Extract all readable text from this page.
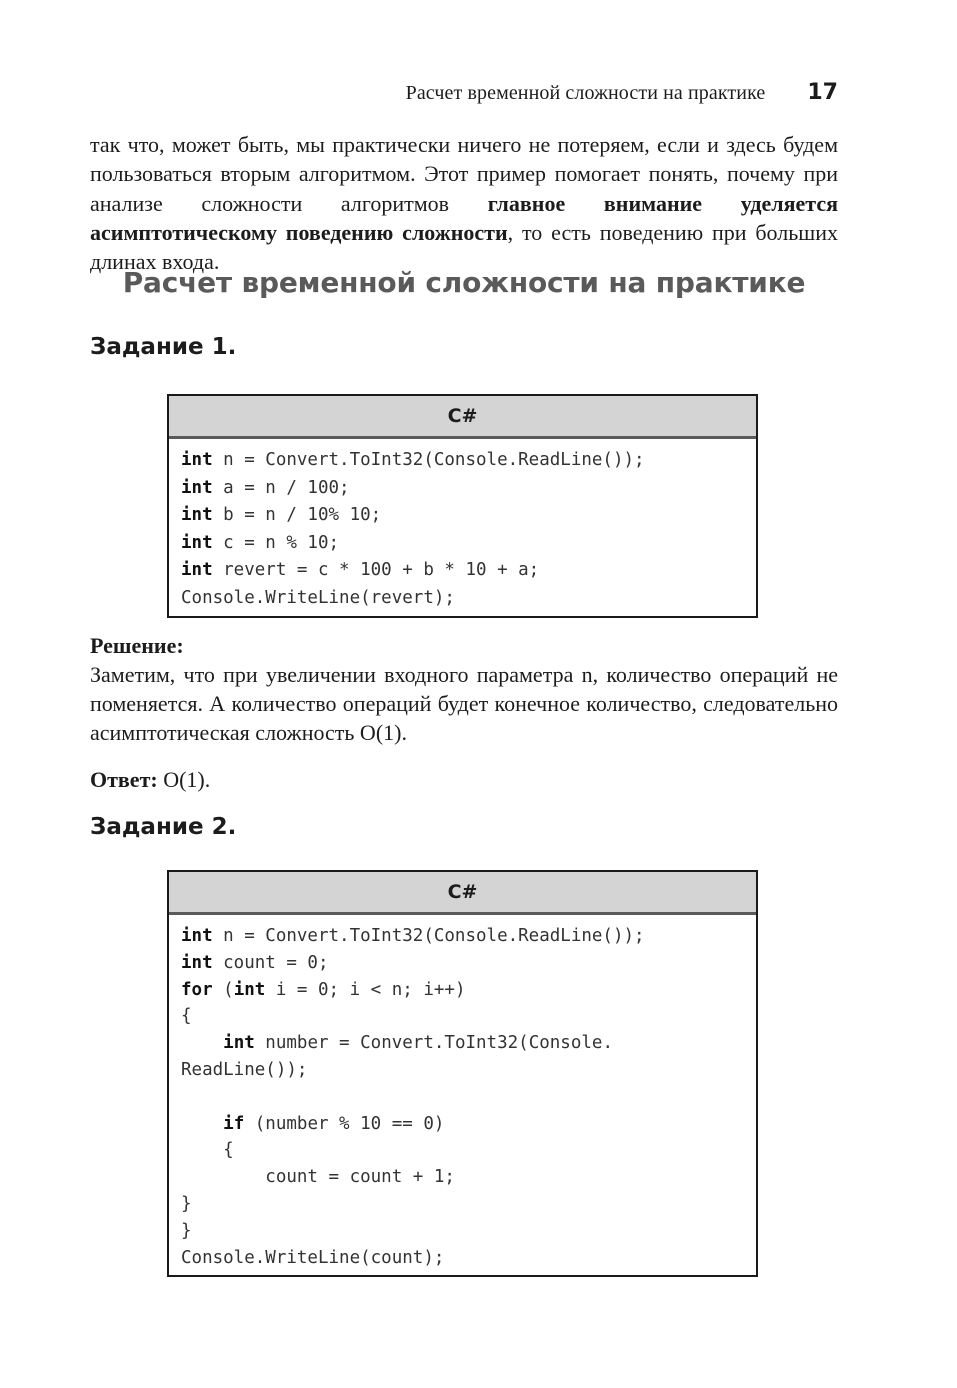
Расчет временной сложности на практике 17

так что, может быть, мы практически ничего не потеряем, если и здесь будем пользоваться вторым алгоритмом. Этот пример помогает понять, почему при анализе сложности алгоритмов главное внимание уделяется асимптотическому поведению сложности, то есть поведению при больших длинах входа.

Расчет временной сложности на практике
Задание 1.
C#
int n = Convert.ToInt32(Console.ReadLine());
int a = n / 100;
int b = n / 10% 10;
int c = n % 10;
int revert = c * 100 + b * 10 + a;
Console.WriteLine(revert);

Решение:

Заметим, что при увеличении входного параметра n, количество операций не поменяется. А количество операций будет конечное количество, следовательно асимптотическая сложность O(1).

Ответ: O(1).

Задание 2.
C#
int n = Convert.ToInt32(Console.ReadLine());
int count = 0;
for (int i = 0; i < n; i++)
{
int number = Convert.ToInt32(Console.
ReadLine());
if (number % 10 == 0)
{
count = count + 1;
}
}
Console.WriteLine(count);
